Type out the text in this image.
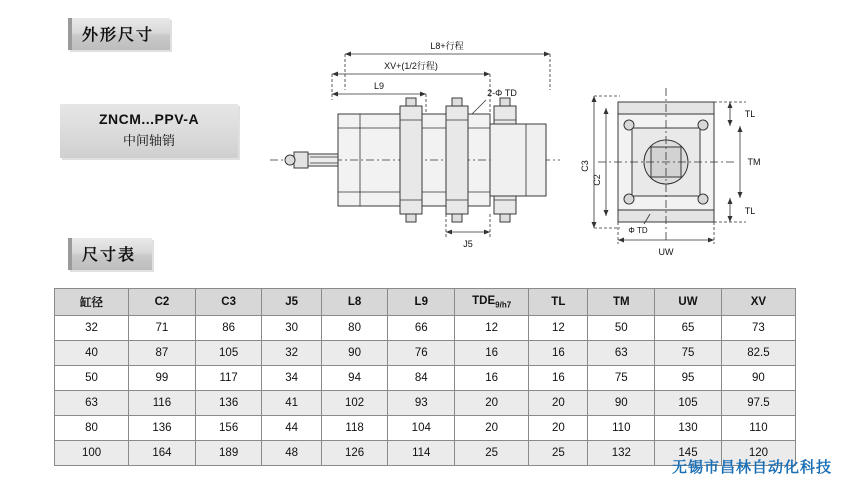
外形尺寸
ZNCM...PPV-A
中间轴销
L8+行程
XV+(1/2行程)
L9
2-Φ TD
J5
C3
C2
TL
TM
TL
UW
Φ TD
尺寸表
缸径	C2	C3	J5	L8	L9	$TDE_{9/h7}$	TL	TM	UW	XV
32	71	86	30	80	66	12	12	50	65	73
40	87	105	32	90	76	16	16	63	75	82.5
50	99	117	34	94	84	16	16	75	95	90
63	116	136	41	102	93	20	20	90	105	97.5
80	136	156	44	118	104	20	20	110	130	110
100	164	189	48	126	114	25	25	132	145	120
无锡市昌林自动化科技
